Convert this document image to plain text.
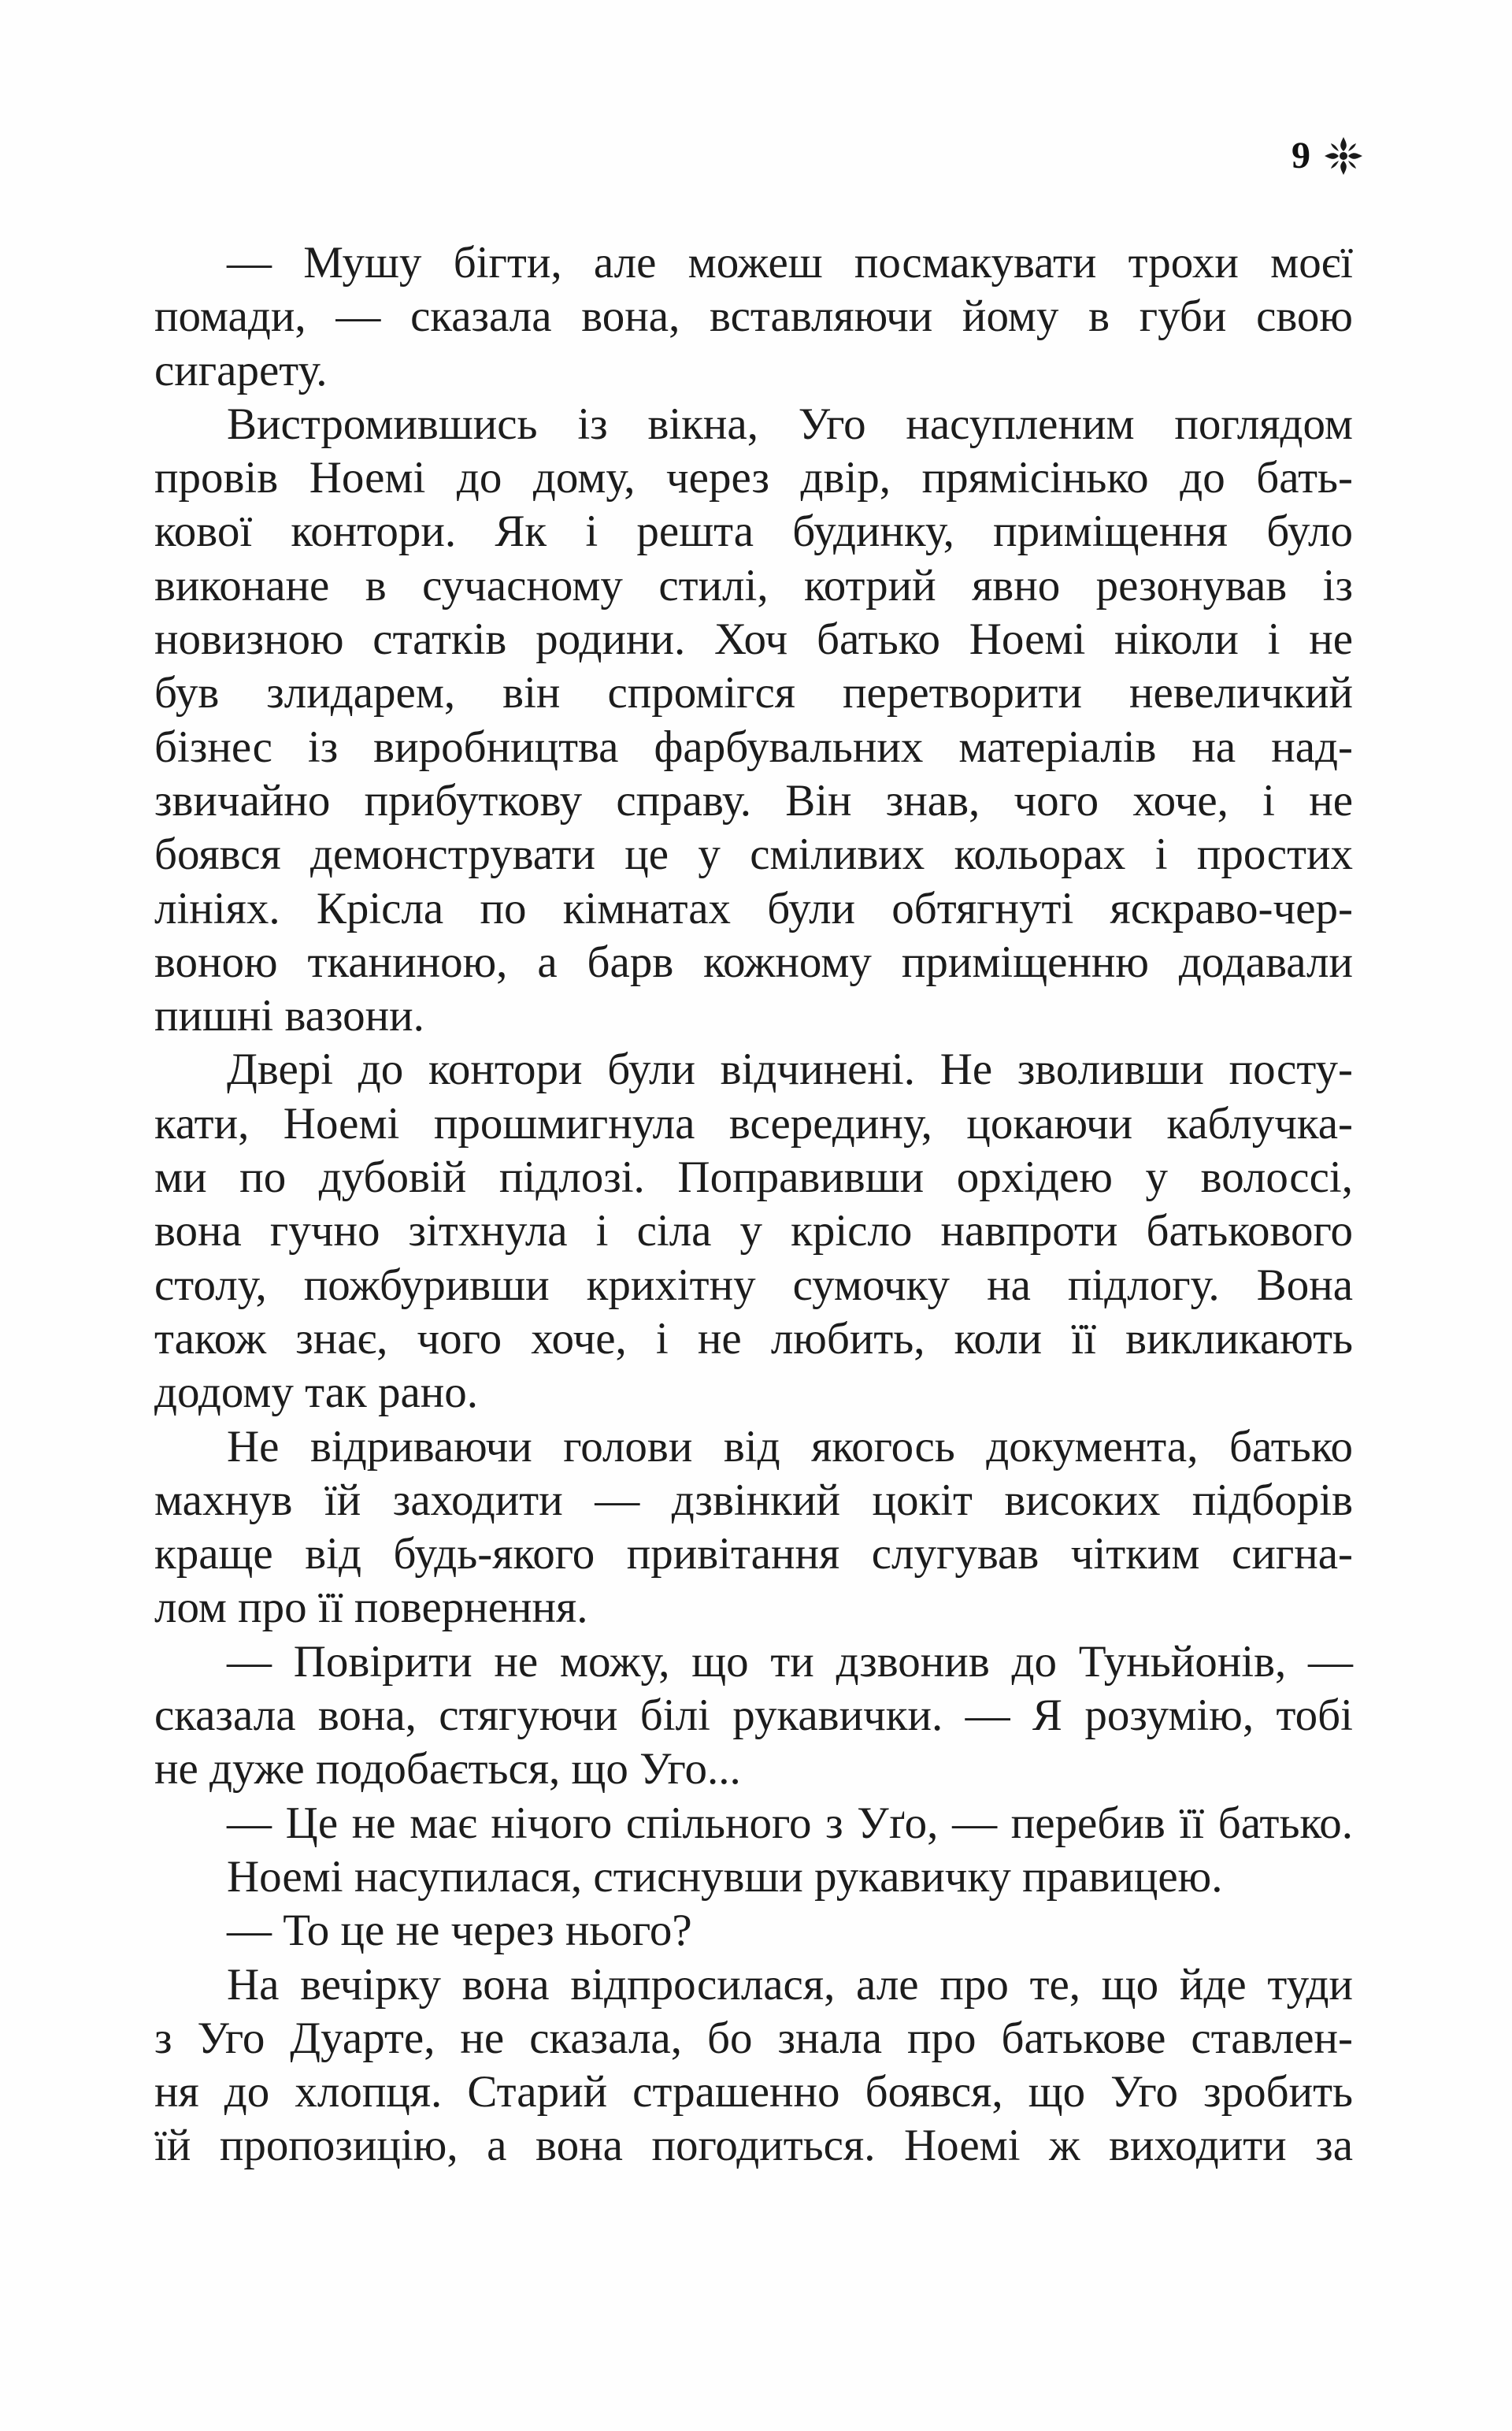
9

— Мушу бігти, але можеш посмакувати трохи моєї
помади, — сказала вона, вставляючи йому в губи свою
сигарету.

Вистромившись із вікна, Уго насупленим поглядом
провів Ноемі до дому, через двір, прямісінько до бать-
кової контори. Як і решта будинку, приміщення було
виконане в сучасному стилі, котрий явно резонував із
новизною статків родини. Хоч батько Ноемі ніколи і не
був злидарем, він спромігся перетворити невеличкий
бізнес із виробництва фарбувальних матеріалів на над-
звичайно прибуткову справу. Він знав, чого хоче, і не
боявся демонструвати це у сміливих кольорах і простих
лініях. Крісла по кімнатах були обтягнуті яскраво-чер-
воною тканиною, а барв кожному приміщенню додавали
пишні вазони.

Двері до контори були відчинені. Не зволивши посту-
кати, Ноемі прошмигнула всередину, цокаючи каблучка-
ми по дубовій підлозі. Поправивши орхідею у волоссі,
вона гучно зітхнула і сіла у крісло навпроти батькового
столу, пожбуривши крихітну сумочку на підлогу. Вона
також знає, чого хоче, і не любить, коли її викликають
додому так рано.

Не відриваючи голови від якогось документа, батько
махнув їй заходити — дзвінкий цокіт високих підборів
краще від будь-якого привітання слугував чітким сигна-
лом про її повернення.

— Повірити не можу, що ти дзвонив до Туньйонів, —
сказала вона, стягуючи білі рукавички. — Я розумію, тобі
не дуже подобається, що Уго...

— Це не має нічого спільного з Уґо, — перебив її батько.

Ноемі насупилася, стиснувши рукавичку правицею.

— То це не через нього?

На вечірку вона відпросилася, але про те, що йде туди
з Уго Дуарте, не сказала, бо знала про батькове ставлен-
ня до хлопця. Старий страшенно боявся, що Уго зробить
їй пропозицію, а вона погодиться. Ноемі ж виходити за
